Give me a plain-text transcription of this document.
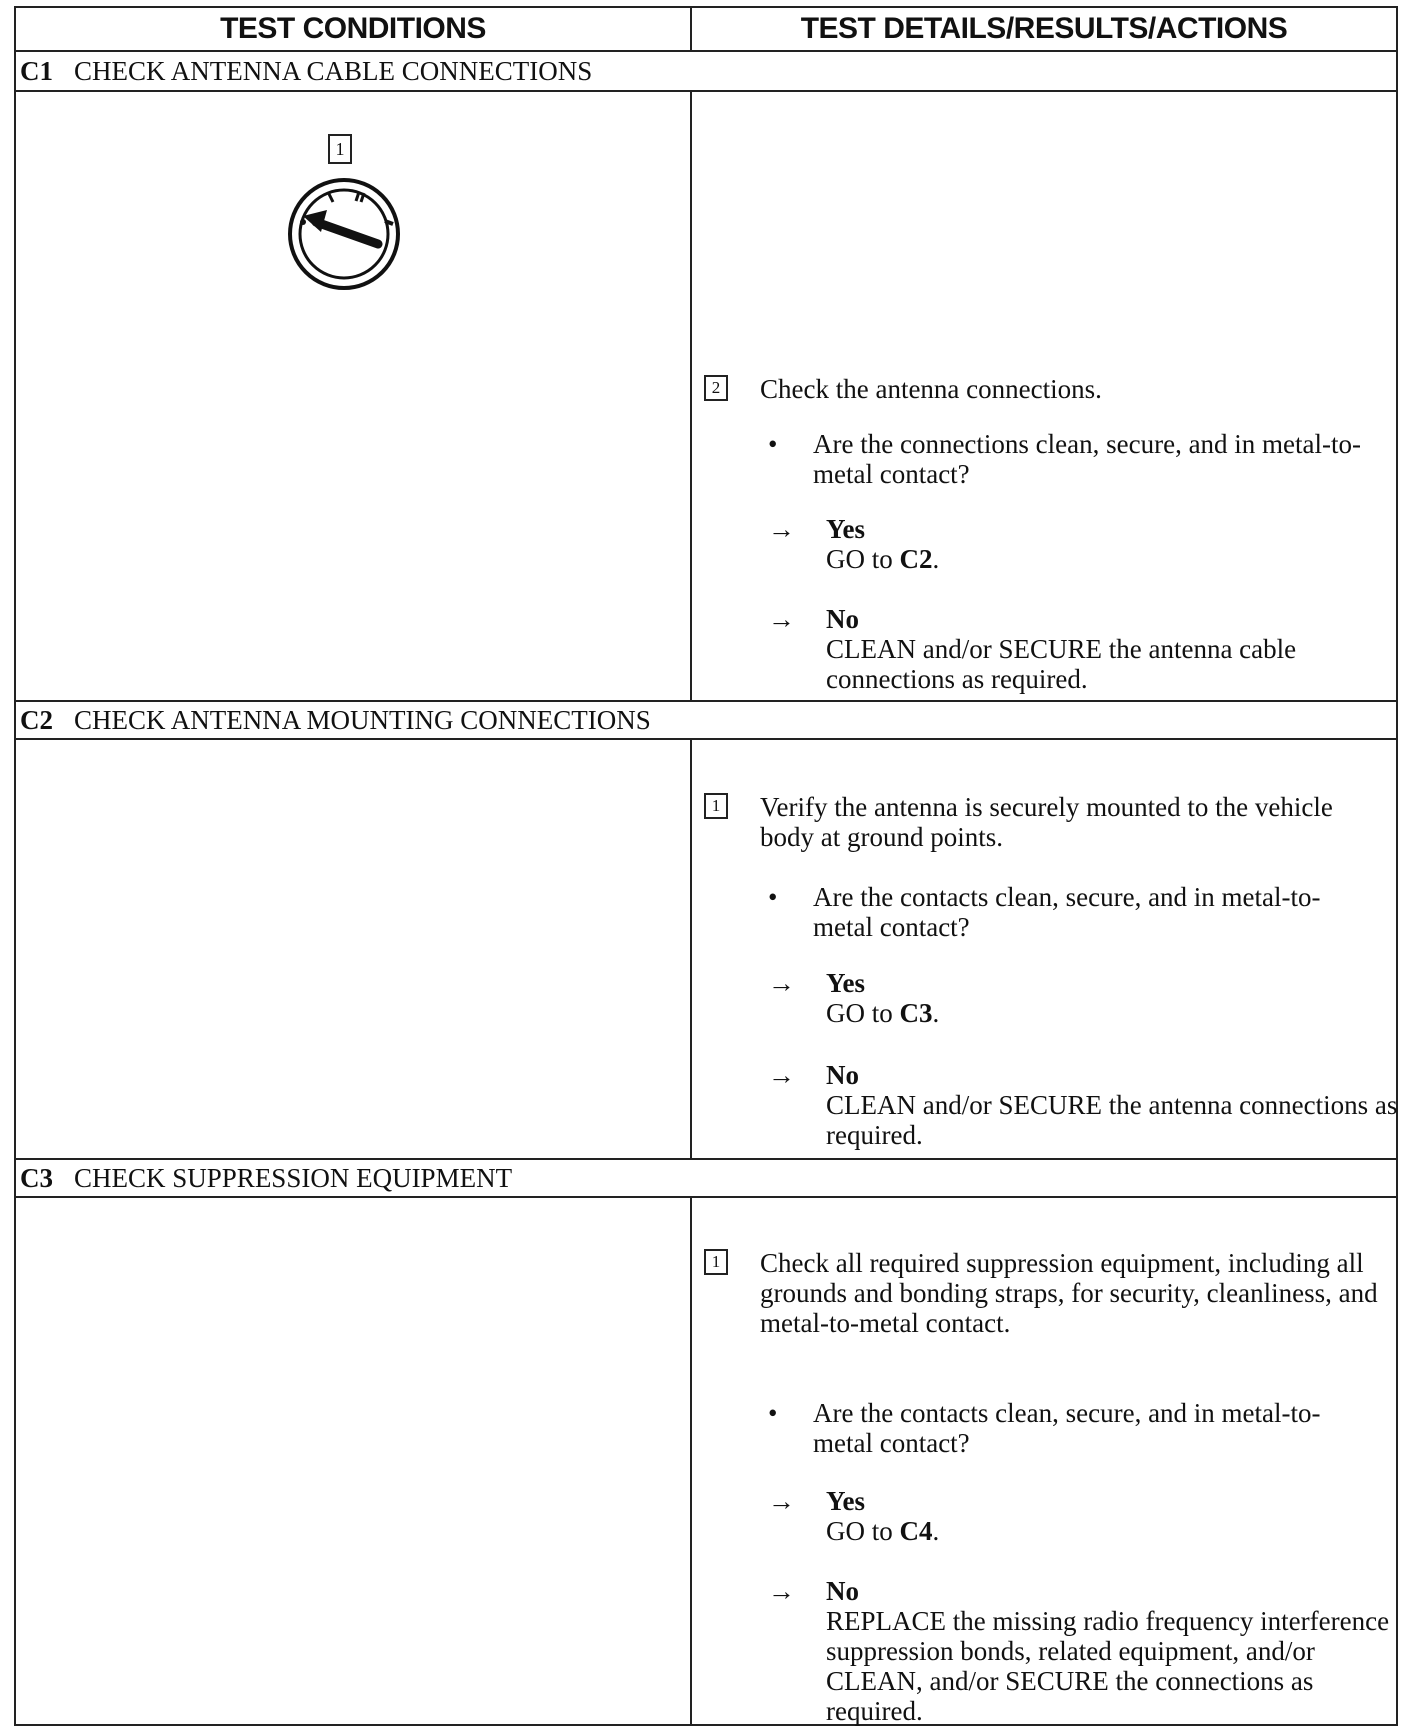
TEST CONDITIONS	TEST DETAILS/RESULTS/ACTIONS
C1 CHECK ANTENNA CABLE CONNECTIONS
1
2 Check the antenna connections.
• Are the connections clean, secure, and in metal-to-metal contact?
→ Yes
GO to C2.
→ No
CLEAN and/or SECURE the antenna cable connections as required.
C2 CHECK ANTENNA MOUNTING CONNECTIONS
1 Verify the antenna is securely mounted to the vehicle body at ground points.
• Are the contacts clean, secure, and in metal-to-metal contact?
→ Yes
GO to C3.
→ No
CLEAN and/or SECURE the antenna connections as required.
C3 CHECK SUPPRESSION EQUIPMENT
1 Check all required suppression equipment, including all grounds and bonding straps, for security, cleanliness, and metal-to-metal contact.
• Are the contacts clean, secure, and in metal-to-metal contact?
→ Yes
GO to C4.
→ No
REPLACE the missing radio frequency interference suppression bonds, related equipment, and/or CLEAN, and/or SECURE the connections as required.
